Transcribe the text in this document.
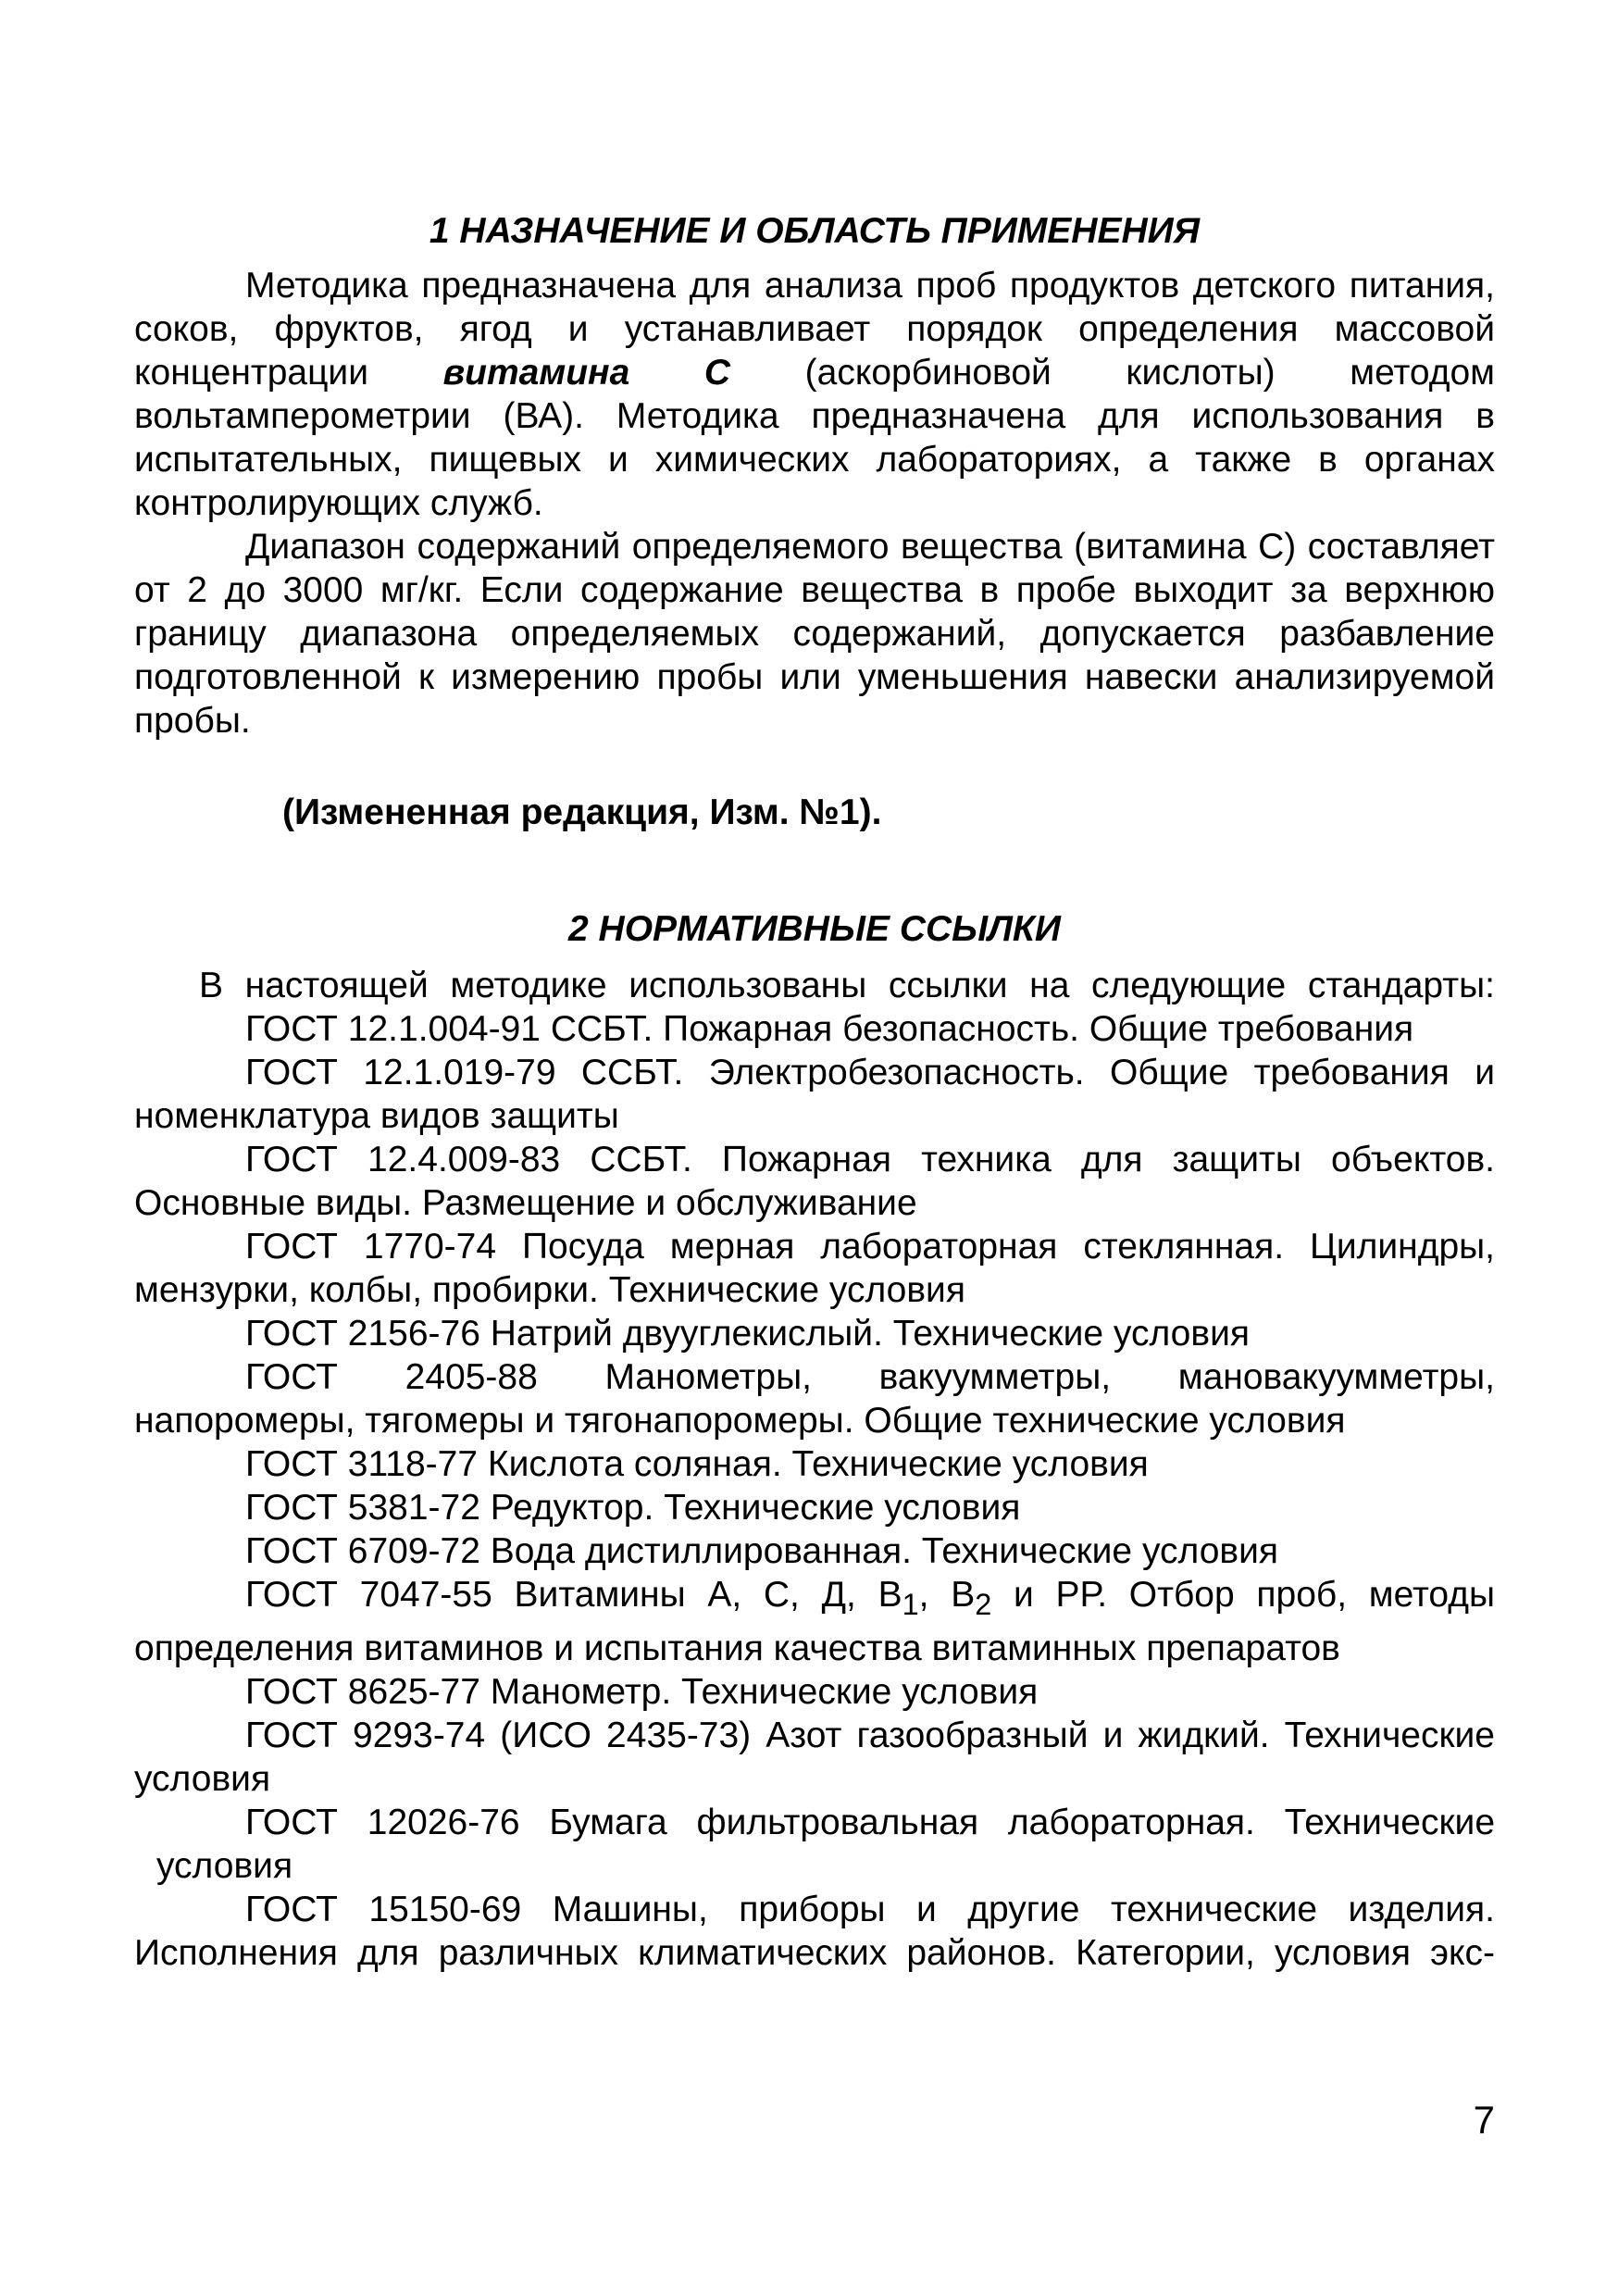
1 НАЗНАЧЕНИЕ И ОБЛАСТЬ ПРИМЕНЕНИЯ

Методика предназначена для анализа проб продуктов детского питания, соков, фруктов, ягод и устанавливает порядок определения массовой концентрации витамина С (аскорбиновой кислоты) методом вольтамперометрии (ВА). Методика предназначена для использования в испытательных, пищевых и химических лабораториях, а также в органах контролирующих служб.

Диапазон содержаний определяемого вещества (витамина С) составляет от 2 до 3000 мг/кг. Если содержание вещества в пробе выходит за верхнюю границу диапазона определяемых содержаний, допускается разбавление подготовленной к измерению пробы или уменьшения навески анализируемой пробы.

(Измененная редакция, Изм. №1).

2 НОРМАТИВНЫЕ ССЫЛКИ

В настоящей методике использованы ссылки на следующие стандарты:

ГОСТ 12.1.004-91 ССБТ. Пожарная безопасность. Общие требования

ГОСТ 12.1.019-79 ССБТ. Электробезопасность. Общие требования и номенклатура видов защиты

ГОСТ 12.4.009-83 ССБТ. Пожарная техника для защиты объектов. Основные виды. Размещение и обслуживание

ГОСТ 1770-74 Посуда мерная лабораторная стеклянная. Цилиндры, мензурки, колбы, пробирки. Технические условия

ГОСТ 2156-76 Натрий двууглекислый. Технические условия

ГОСТ 2405-88 Манометры, вакуумметры, мановакуумметры, напоромеры, тягомеры и тягонапоромеры. Общие технические условия

ГОСТ 3118-77 Кислота соляная. Технические условия

ГОСТ 5381-72 Редуктор. Технические условия

ГОСТ 6709-72 Вода дистиллированная. Технические условия

ГОСТ 7047-55 Витамины А, С, Д, $В_1$, $В_2$ и РР. Отбор проб, методы определения витаминов и испытания качества витаминных препаратов

ГОСТ 8625-77 Манометр. Технические условия

ГОСТ 9293-74 (ИСО 2435-73) Азот газообразный и жидкий. Технические условия

ГОСТ 12026-76 Бумага фильтровальная лабораторная. Технические

условия

ГОСТ 15150-69 Машины, приборы и другие технические изделия. Исполнения для различных климатических районов. Категории, условия экс-

7
